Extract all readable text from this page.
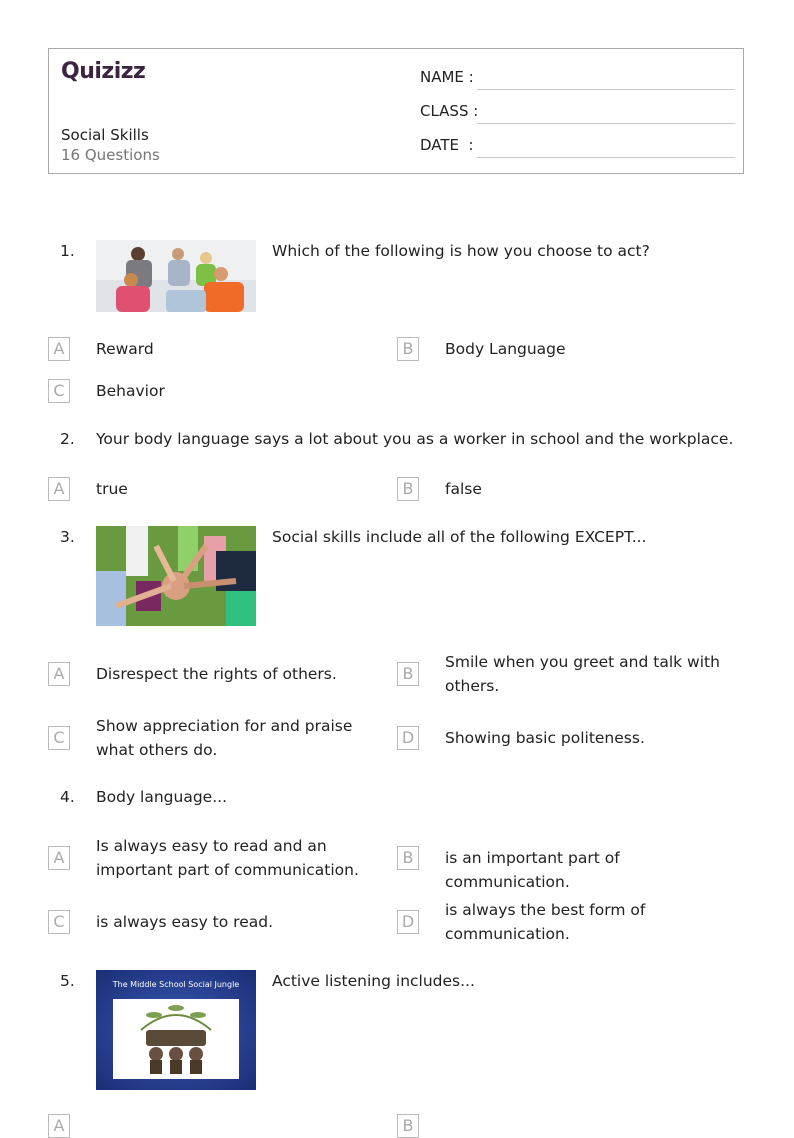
Quizizz
Social Skills
16 Questions
NAME :
CLASS :
DATE  :
1.	Which of the following is how you choose to act?
A	Reward	B	Body Language
C	Behavior
2. Your body language says a lot about you as a worker in school and the workplace.
A	true	B	false
3.	Social skills include all of the following EXCEPT...
A	Disrespect the rights of others.	B
Smile when you greet and talk with others.
C
Show appreciation for and praise what others do.
D	Showing basic politeness.
4. Body language...
A
Is always easy to read and an important part of communication.
B	is an important part of communication.
C	is always easy to read.	D
is always the best form of communication.
5.	The Middle School Social Jungle Active listening includes...
A	B
